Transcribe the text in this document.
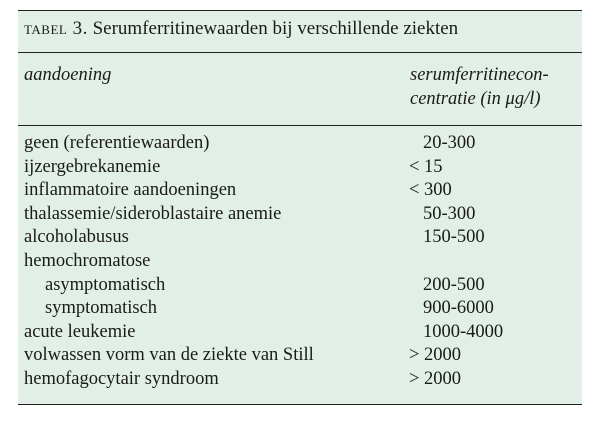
tabel 3. Serumferritinewaarden bij verschillende ziekten
aandoening	serumferritinecon-
centratie (in μg/l)
geen (referentiewaarden)	20-300
ijzergebrekanemie	< 15
inflammatoire aandoeningen	< 300
thalassemie/sideroblastaire anemie	50-300
alcoholabusus	150-500
hemochromatose
asymptomatisch	200-500
symptomatisch	900-6000
acute leukemie	1000-4000
volwassen vorm van de ziekte van Still	> 2000
hemofagocytair syndroom	> 2000
